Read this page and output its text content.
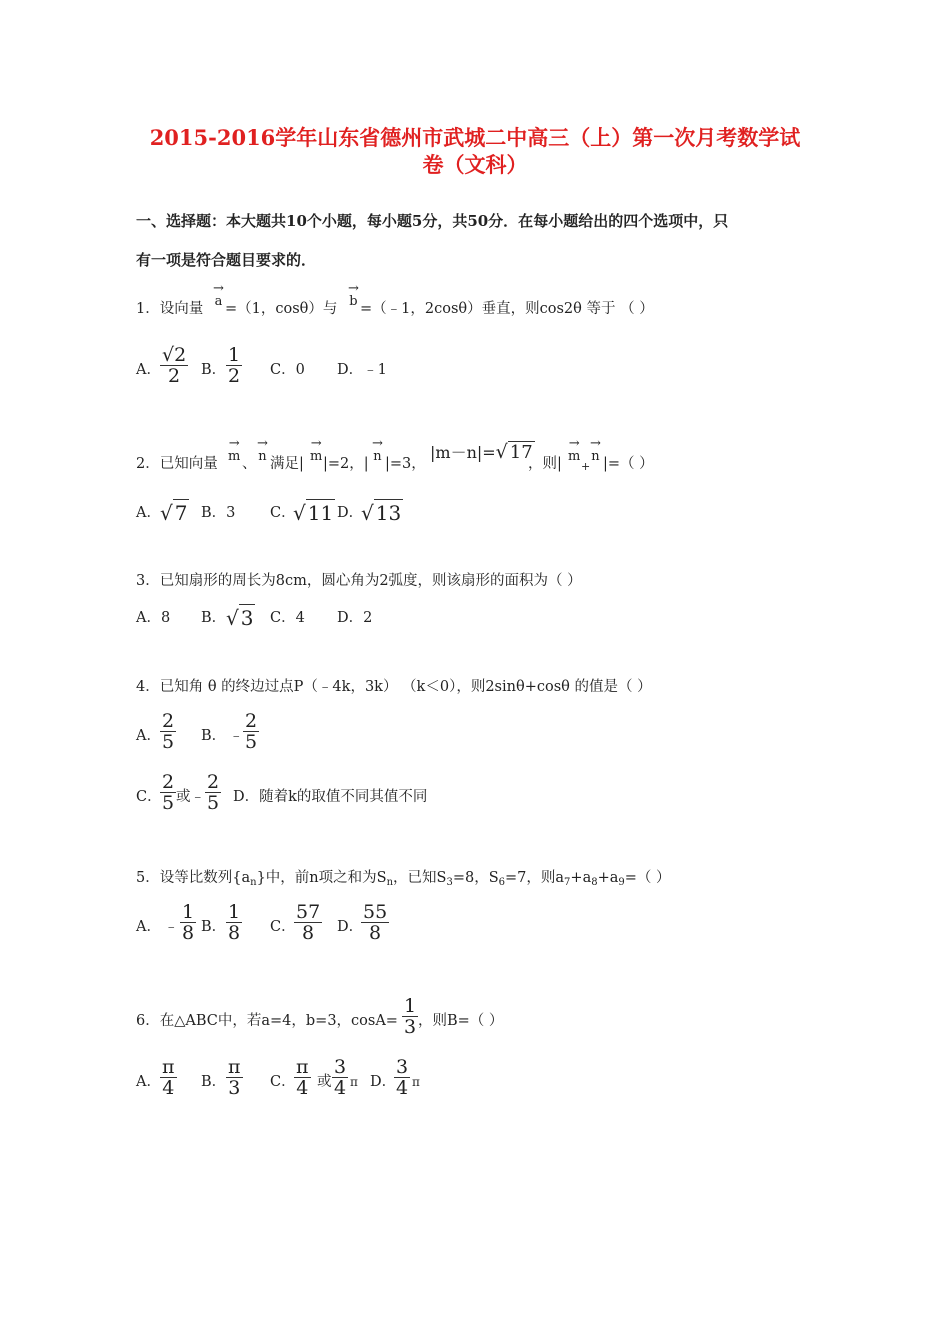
2015-2016学年山东省德州市武城二中高三（上）第一次月考数学试
卷（文科）
一、选择题：本大题共10个小题，每小题5分，共50分．在每小题给出的四个选项中，只
有一项是符合题目要求的．
1．设向量
→
a =（1，cosθ）与
→
b =（﹣1，2cosθ）垂直，则cos2θ 等于 （ ）
A． $\frac{√2}{2}$ B． $\frac{1}{2}$ C．0 D．﹣1
2．已知向量
→
m 、
→
n 满足|
→
m |=2，|
→
n |=3，
|m－n|=√ 17
，则|
→
m
+
→
n |=（ ）
A． √ 7 B．3 C．
√ 11 D．
√ 13
3．已知扇形的周长为8cm，圆心角为2弧度，则该扇形的面积为（ ）
A．8 B． √ 3 C．4 D．2
4．已知角 θ 的终边过点P（﹣4k，3k） （k＜0），则2sinθ+cosθ 的值是（ ）
A． $\frac{2}{5}$ B． ﹣ $\frac{2}{5}$
C．
$\frac{2}{5}$ 或﹣ $\frac{2}{5}$ D．随着k的取值不同其值不同
5．设等比数列$\{a_n\}$中，前n项之和为$S_n$，已知$S_3=8$，$S_6=7$，则$a_7+a_8+a_9=$（ ）
A． ﹣ $\frac{1}{8}$ B． $\frac{1}{8}$ C．
$\frac{57}{8}$ D．
$\frac{55}{8}$
6．在△ABC中，若a=4，b=3，$\cos A= \frac{1}{3}$ ，则B=（ ）
A． $\frac{\pi}{4}$ B． $\frac{\pi}{3}$ C．
$\frac{\pi}{4}$ 或 $\frac{3}{4}$ π D．
$\frac{3}{4}$ π
